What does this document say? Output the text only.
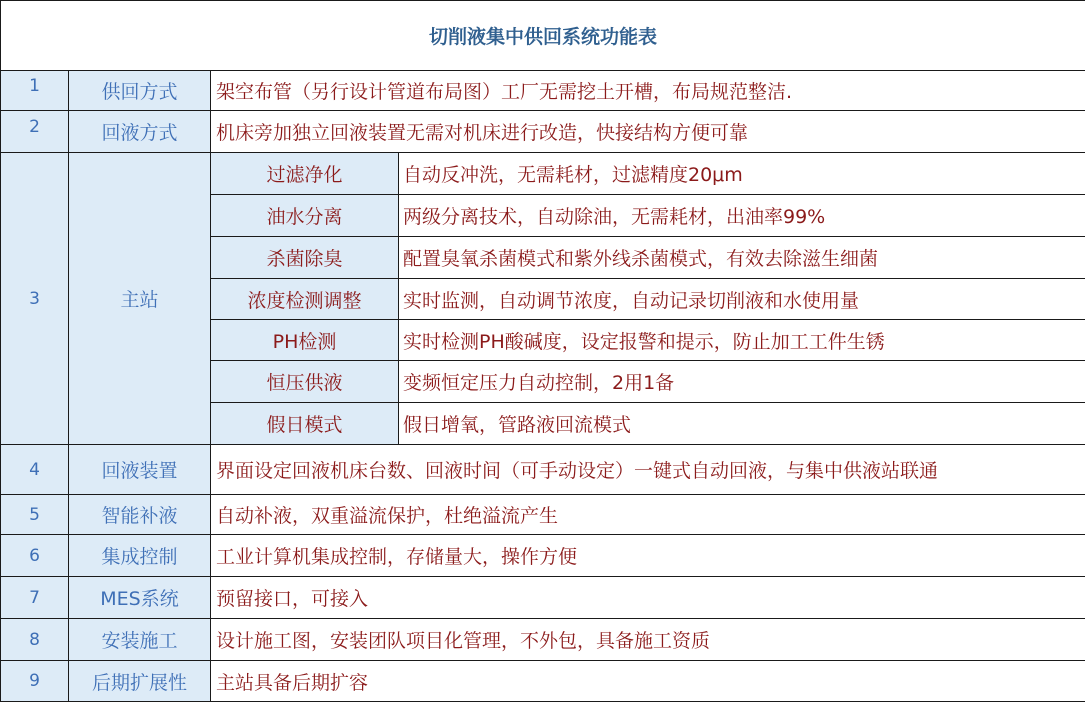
切削液集中供回系统功能表			

1	供回方式	架空布管（另行设计管道布局图）工厂无需挖土开槽，布局规范整洁.	

2	回液方式	机床旁加独立回液装置无需对机床进行改造，快接结构方便可靠	
3	主站	过滤净化	自动反冲洗，无需耗材，过滤精度20μm
		油水分离	两级分离技术，自动除油，无需耗材，出油率99%
		杀菌除臭	配置臭氧杀菌模式和紫外线杀菌模式，有效去除滋生细菌
		浓度检测调整	实时监测，自动调节浓度，自动记录切削液和水使用量
		PH检测	实时检测PH酸碱度，设定报警和提示，防止加工工件生锈
		恒压供液	变频恒定压力自动控制，2用1备
		假日模式	假日增氧，管路液回流模式
4	回液装置	界面设定回液机床台数、回液时间（可手动设定）一键式自动回液，与集中供液站联通	
5	智能补液	自动补液，双重溢流保护，杜绝溢流产生	
6	集成控制	工业计算机集成控制，存储量大，操作方便	
7	MES系统	预留接口，可接入	
8	安装施工	设计施工图，安装团队项目化管理，不外包，具备施工资质	
9	后期扩展性	主站具备后期扩容	
